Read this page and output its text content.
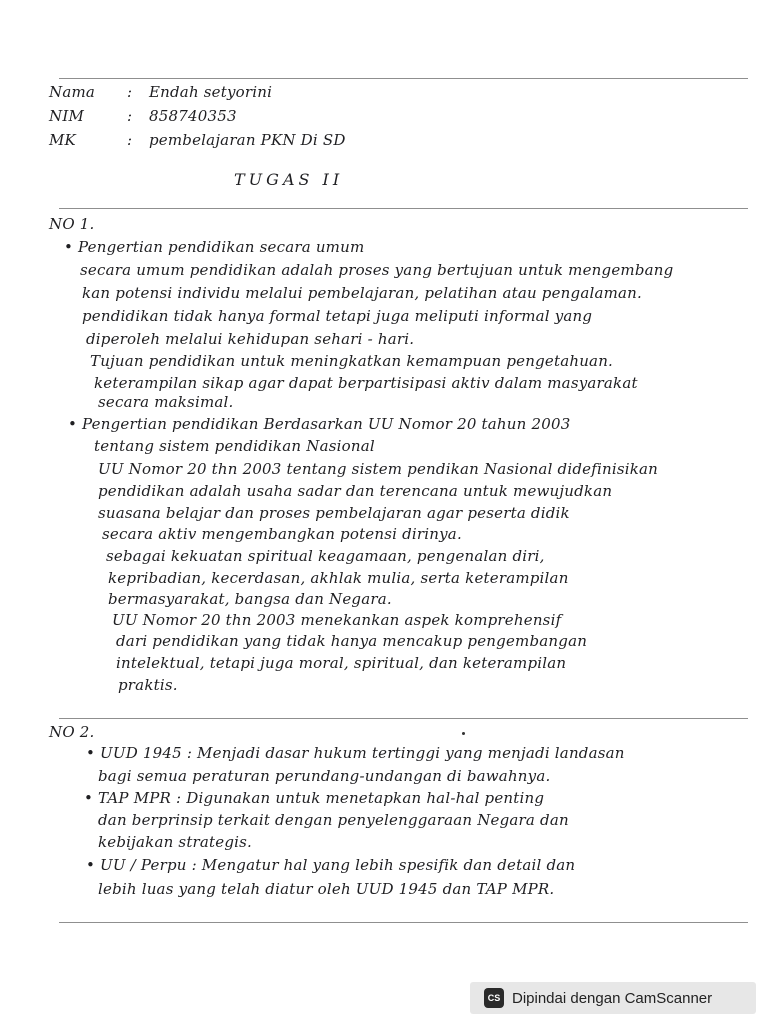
Nama : Endah setyorini
NIM	: 858740353
MK	: pembelajaran PKN Di SD
TUGAS II
NO 1.
• Pengertian pendidikan secara umum
secara umum pendidikan adalah proses yang bertujuan untuk mengembang
kan potensi individu melalui pembelajaran, pelatihan atau pengalaman.
pendidikan tidak hanya formal tetapi juga meliputi informal yang
diperoleh melalui kehidupan sehari - hari.
Tujuan pendidikan untuk meningkatkan kemampuan pengetahuan.
keterampilan sikap agar dapat berpartisipasi aktiv dalam masyarakat
secara maksimal.
• Pengertian pendidikan Berdasarkan UU Nomor 20 tahun 2003
tentang sistem pendidikan Nasional
UU Nomor 20 thn 2003 tentang sistem pendikan Nasional didefinisikan
pendidikan adalah usaha sadar dan terencana untuk mewujudkan
suasana belajar dan proses pembelajaran agar peserta didik
secara aktiv mengembangkan potensi dirinya.
sebagai kekuatan spiritual keagamaan, pengenalan diri,
kepribadian, kecerdasan, akhlak mulia, serta keterampilan
bermasyarakat, bangsa dan Negara.
UU Nomor 20 thn 2003 menekankan aspek komprehensif
dari pendidikan yang tidak hanya mencakup pengembangan
intelektual, tetapi juga moral, spiritual, dan keterampilan
praktis.
NO 2.
• UUD 1945 : Menjadi dasar hukum tertinggi yang menjadi landasan
bagi semua peraturan perundang-undangan di bawahnya.
• TAP MPR : Digunakan untuk menetapkan hal-hal penting
dan berprinsip terkait dengan penyelenggaraan Negara dan
kebijakan strategis.
• UU / Perpu : Mengatur hal yang lebih spesifik dan detail dan
lebih luas yang telah diatur oleh UUD 1945 dan TAP MPR.
CS Dipindai dengan CamScanner
